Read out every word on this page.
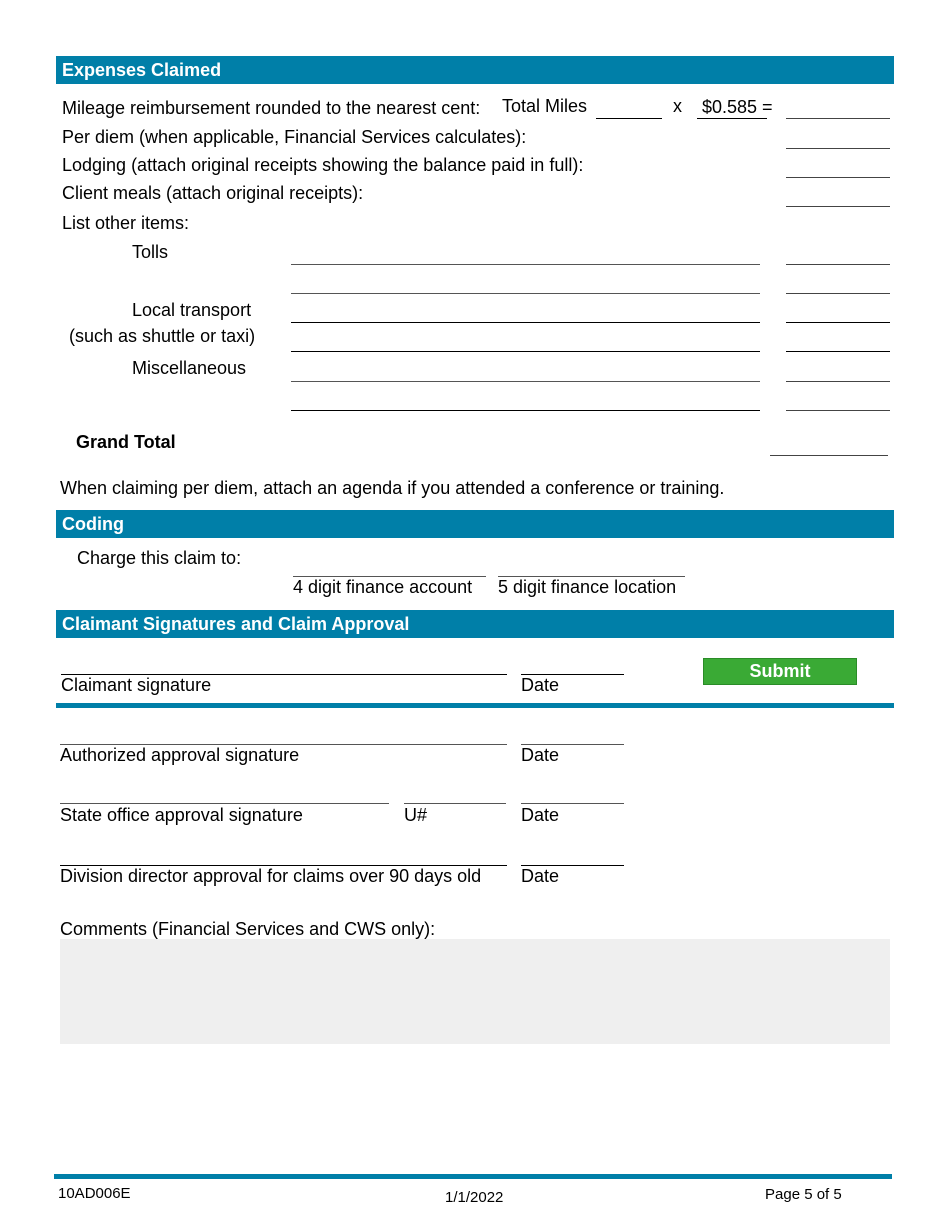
Expenses Claimed
Mileage reimbursement rounded to the nearest cent: Total Miles	x $0.585 =
Per diem (when applicable, Financial Services calculates):
Lodging (attach original receipts showing the balance paid in full):
Client meals (attach original receipts):
List other items:
Tolls
Local transport
(such as shuttle or taxi)
Miscellaneous
Grand Total
When claiming per diem, attach an agenda if you attended a conference or training.
Coding
Charge this claim to:
4 digit finance account 5 digit finance location
Claimant Signatures and Claim Approval
Claimant signature	Date
Submit
Authorized approval signature	Date
State office approval signature	U#	Date
Division director approval for claims over 90 days old Date
Comments (Financial Services and CWS only):
10AD006E	1/1/2022	Page 5 of 5
